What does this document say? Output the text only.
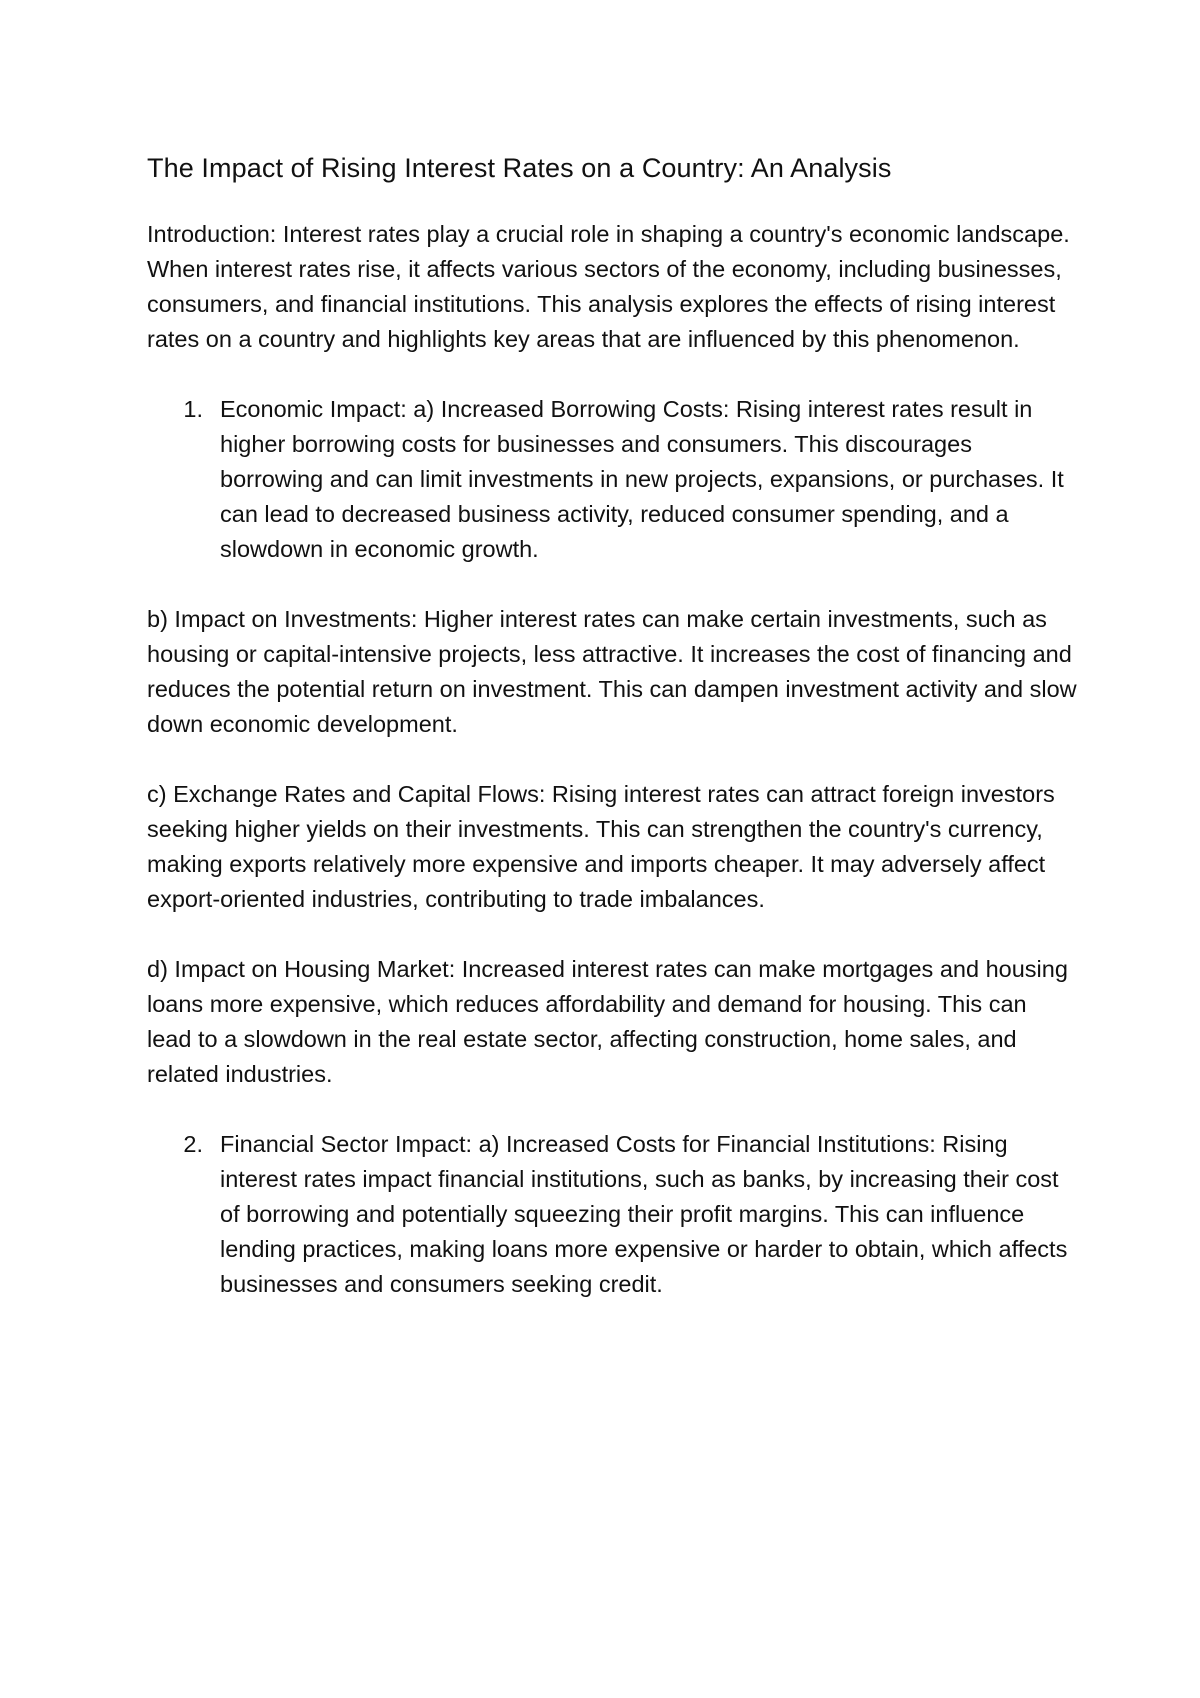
The Impact of Rising Interest Rates on a Country: An Analysis
Introduction: Interest rates play a crucial role in shaping a country's economic landscape. When interest rates rise, it affects various sectors of the economy, including businesses, consumers, and financial institutions. This analysis explores the effects of rising interest rates on a country and highlights key areas that are influenced by this phenomenon.
1. Economic Impact: a) Increased Borrowing Costs: Rising interest rates result in higher borrowing costs for businesses and consumers. This discourages borrowing and can limit investments in new projects, expansions, or purchases. It can lead to decreased business activity, reduced consumer spending, and a slowdown in economic growth.
b) Impact on Investments: Higher interest rates can make certain investments, such as housing or capital-intensive projects, less attractive. It increases the cost of financing and reduces the potential return on investment. This can dampen investment activity and slow down economic development.
c) Exchange Rates and Capital Flows: Rising interest rates can attract foreign investors seeking higher yields on their investments. This can strengthen the country's currency, making exports relatively more expensive and imports cheaper. It may adversely affect export-oriented industries, contributing to trade imbalances.
d) Impact on Housing Market: Increased interest rates can make mortgages and housing loans more expensive, which reduces affordability and demand for housing. This can lead to a slowdown in the real estate sector, affecting construction, home sales, and related industries.
2. Financial Sector Impact: a) Increased Costs for Financial Institutions: Rising interest rates impact financial institutions, such as banks, by increasing their cost of borrowing and potentially squeezing their profit margins. This can influence lending practices, making loans more expensive or harder to obtain, which affects businesses and consumers seeking credit.
